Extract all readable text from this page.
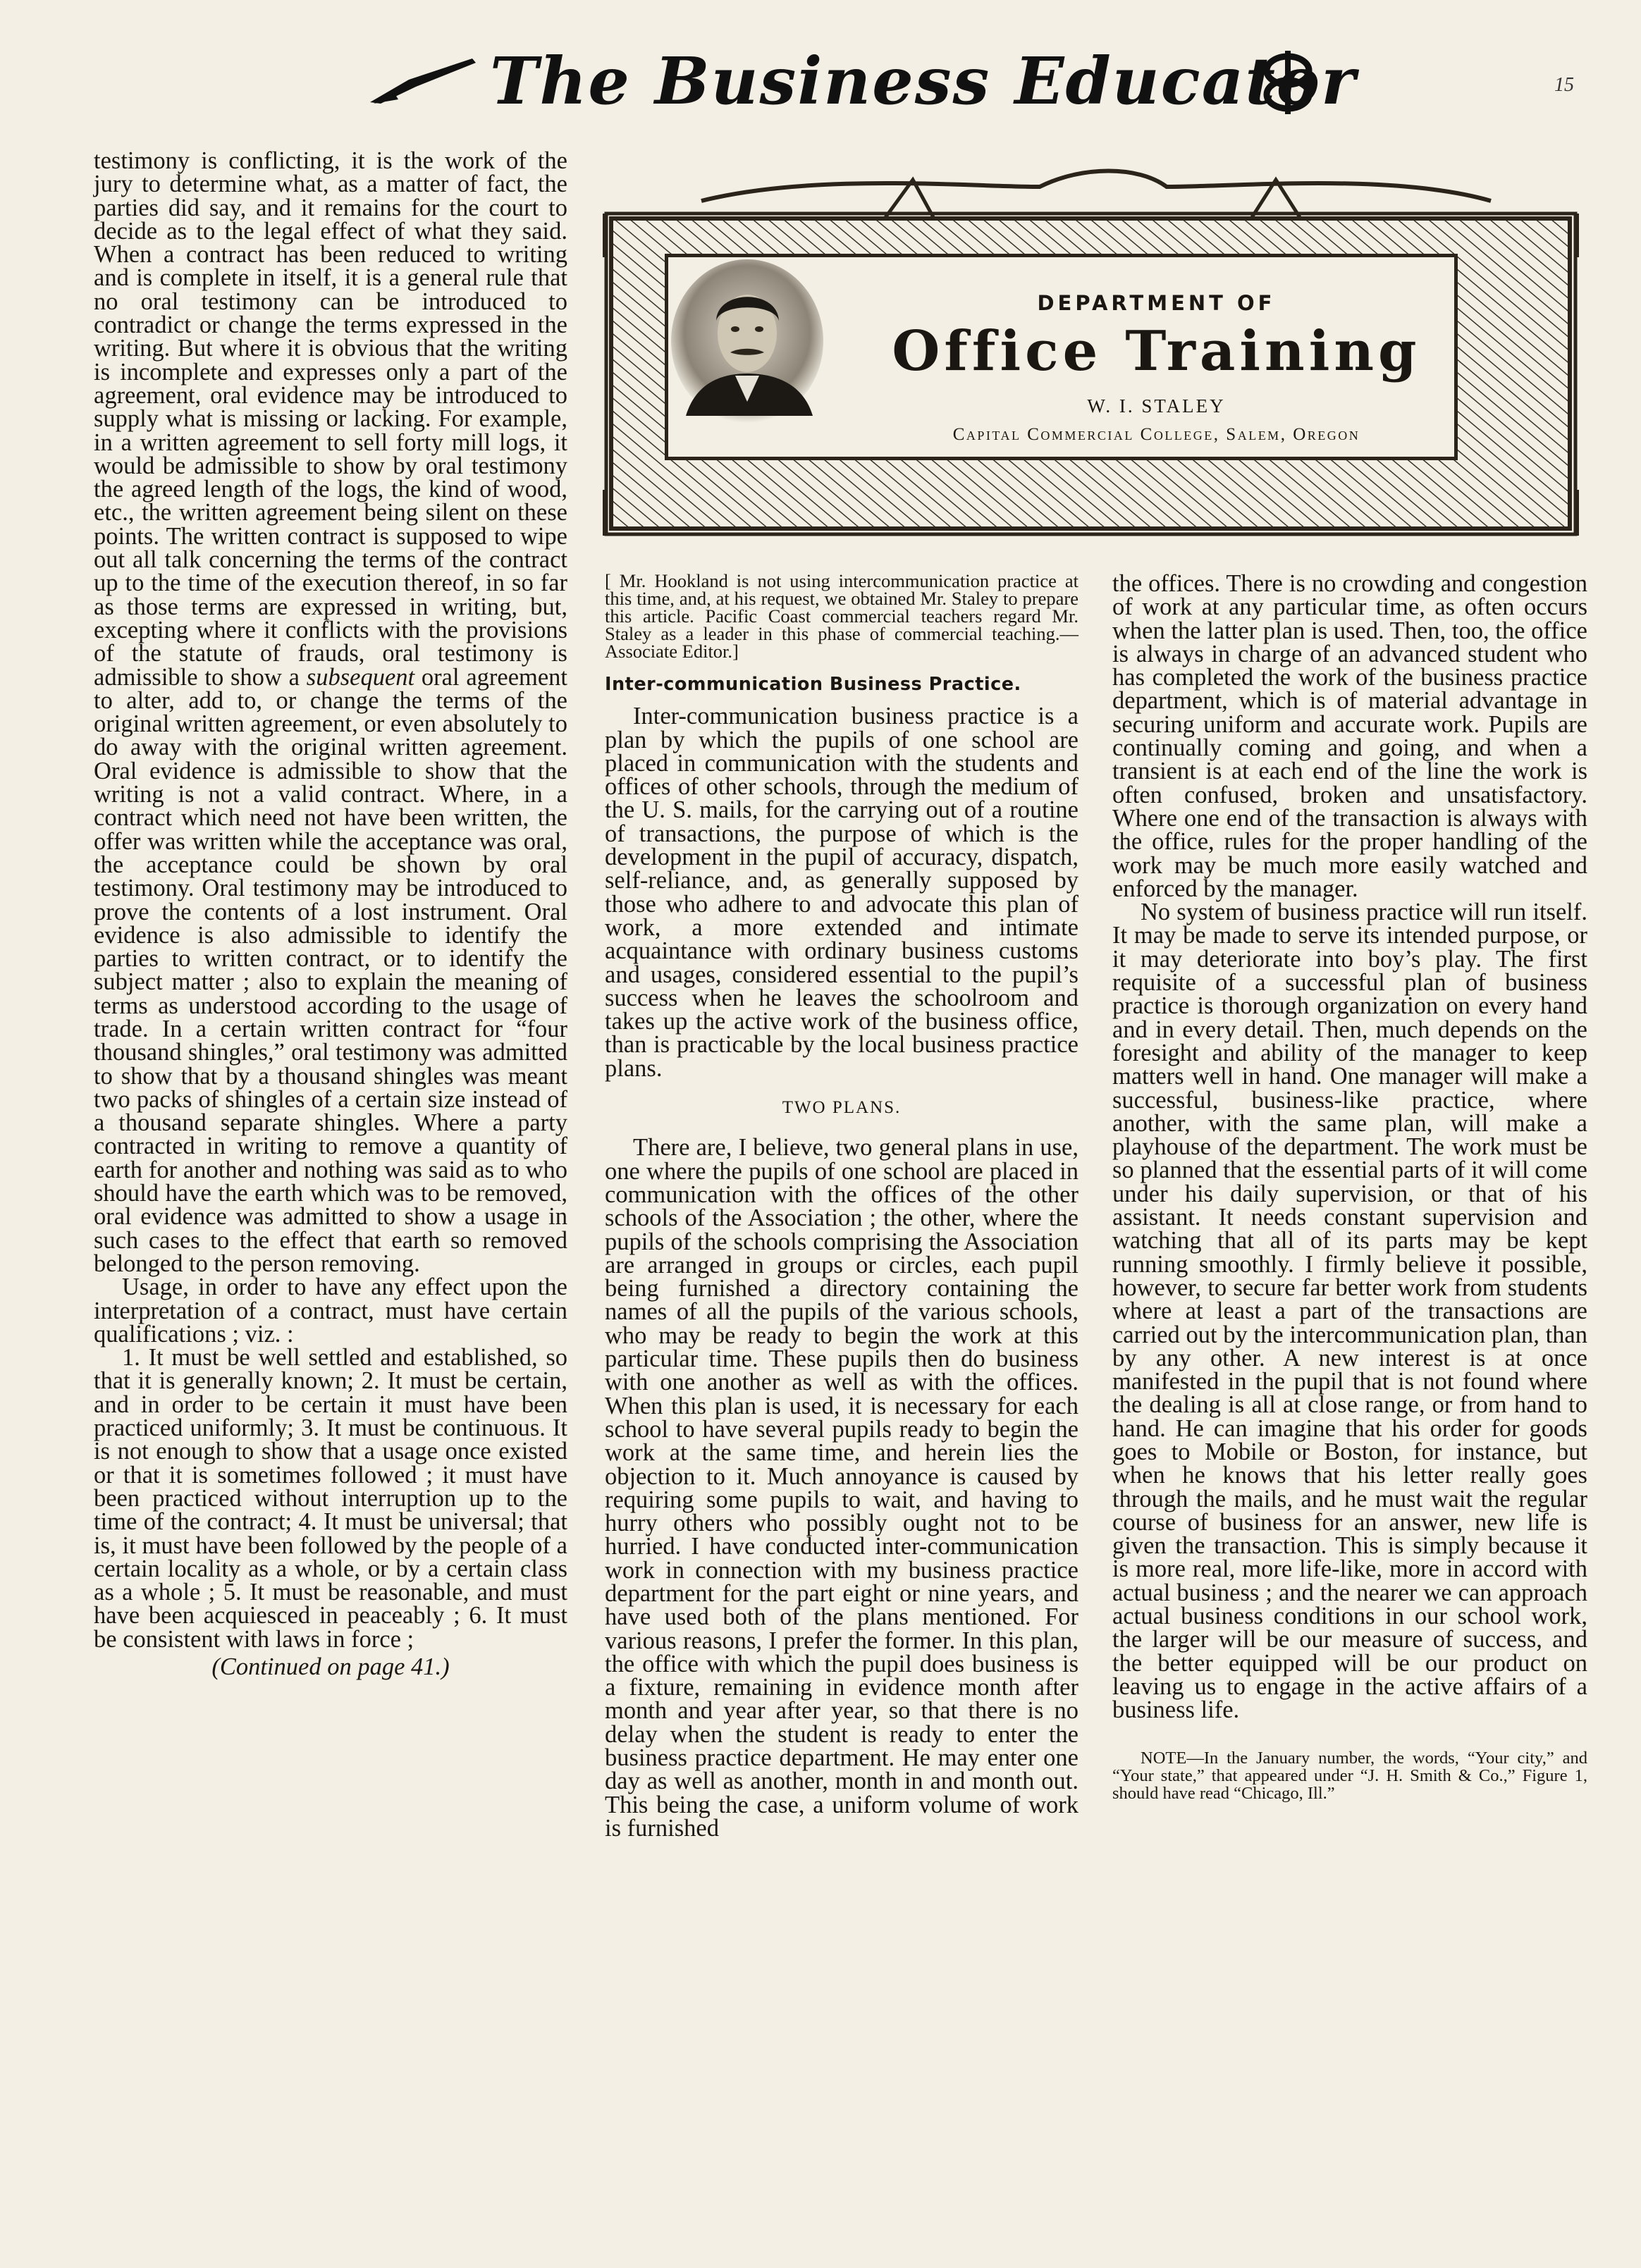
The Business Educator	15

testimony is conflicting, it is the work of the jury to determine what, as a matter of fact, the parties did say, and it remains for the court to decide as to the legal effect of what they said. When a contract has been reduced to writing and is complete in itself, it is a general rule that no oral testimony can be introduced to contradict or change the terms expressed in the writing. But where it is obvious that the writing is incomplete and expresses only a part of the agreement, oral evidence may be introduced to supply what is missing or lacking. For example, in a written agreement to sell forty mill logs, it would be admissible to show by oral testimony the agreed length of the logs, the kind of wood, etc., the written agreement being silent on these points. The written contract is supposed to wipe out all talk concerning the terms of the contract up to the time of the execution thereof, in so far as those terms are expressed in writing, but, excepting where it conflicts with the provisions of the statute of frauds, oral testimony is admissible to show a subsequent oral agreement to alter, add to, or change the terms of the original written agreement, or even absolutely to do away with the original written agreement. Oral evidence is admissible to show that the writing is not a valid contract. Where, in a contract which need not have been written, the offer was written while the acceptance was oral, the acceptance could be shown by oral testimony. Oral testimony may be introduced to prove the contents of a lost instrument. Oral evidence is also admissible to identify the parties to written contract, or to identify the subject matter ; also to explain the meaning of terms as understood according to the usage of trade. In a certain written contract for “four thousand shingles,” oral testimony was admitted to show that by a thousand shingles was meant two packs of shingles of a certain size instead of a thousand separate shingles. Where a party contracted in writing to remove a quantity of earth for another and nothing was said as to who should have the earth which was to be removed, oral evidence was admitted to show a usage in such cases to the effect that earth so removed belonged to the person removing.

Usage, in order to have any effect upon the interpretation of a contract, must have certain qualifications ; viz. :

1. It must be well settled and established, so that it is generally known; 2. It must be certain, and in order to be certain it must have been practiced uniformly; 3. It must be continuous. It is not enough to show that a usage once existed or that it is sometimes followed ; it must have been practiced without interruption up to the time of the contract; 4. It must be universal; that is, it must have been followed by the people of a certain locality as a whole, or by a certain class as a whole ; 5. It must be reasonable, and must have been acquiesced in peaceably ; 6. It must be consistent with laws in force ;

(Continued on page 41.)

DEPARTMENT OF
Office Training
W. I. STALEY
Capital Commercial College, Salem, Oregon

[ Mr. Hookland is not using intercommunication practice at this time, and, at his request, we obtained Mr. Staley to prepare this article. Pacific Coast commercial teachers regard Mr. Staley as a leader in this phase of commercial teaching.—Associate Editor.]

Inter-communication Business Practice.

Inter-communication business practice is a plan by which the pupils of one school are placed in communication with the students and offices of other schools, through the medium of the U. S. mails, for the carrying out of a routine of transactions, the purpose of which is the development in the pupil of accuracy, dispatch, self-reliance, and, as generally supposed by those who adhere to and advocate this plan of work, a more extended and intimate acquaintance with ordinary business customs and usages, considered essential to the pupil’s success when he leaves the schoolroom and takes up the active work of the business office, than is practicable by the local business practice plans.

TWO PLANS.

There are, I believe, two general plans in use, one where the pupils of one school are placed in communication with the offices of the other schools of the Association ; the other, where the pupils of the schools comprising the Association are arranged in groups or circles, each pupil being furnished a directory containing the names of all the pupils of the various schools, who may be ready to begin the work at this particular time. These pupils then do business with one another as well as with the offices. When this plan is used, it is necessary for each school to have several pupils ready to begin the work at the same time, and herein lies the objection to it. Much annoyance is caused by requiring some pupils to wait, and having to hurry others who possibly ought not to be hurried. I have conducted inter-communication work in connection with my business practice department for the part eight or nine years, and have used both of the plans mentioned. For various reasons, I prefer the former. In this plan, the office with which the pupil does business is a fixture, remaining in evidence month after month and year after year, so that there is no delay when the student is ready to enter the business practice department. He may enter one day as well as another, month in and month out. This being the case, a uniform volume of work is furnished

the offices. There is no crowding and congestion of work at any particular time, as often occurs when the latter plan is used. Then, too, the office is always in charge of an advanced student who has completed the work of the business practice department, which is of material advantage in securing uniform and accurate work. Pupils are continually coming and going, and when a transient is at each end of the line the work is often confused, broken and unsatisfactory. Where one end of the transaction is always with the office, rules for the proper handling of the work may be much more easily watched and enforced by the manager.

No system of business practice will run itself. It may be made to serve its intended purpose, or it may deteriorate into boy’s play. The first requisite of a successful plan of business practice is thorough organization on every hand and in every detail. Then, much depends on the foresight and ability of the manager to keep matters well in hand. One manager will make a successful, business-like practice, where another, with the same plan, will make a playhouse of the department. The work must be so planned that the essential parts of it will come under his daily supervision, or that of his assistant. It needs constant supervision and watching that all of its parts may be kept running smoothly. I firmly believe it possible, however, to secure far better work from students where at least a part of the transactions are carried out by the intercommunication plan, than by any other. A new interest is at once manifested in the pupil that is not found where the dealing is all at close range, or from hand to hand. He can imagine that his order for goods goes to Mobile or Boston, for instance, but when he knows that his letter really goes through the mails, and he must wait the regular course of business for an answer, new life is given the transaction. This is simply because it is more real, more life-like, more in accord with actual business ; and the nearer we can approach actual business conditions in our school work, the larger will be our measure of success, and the better equipped will be our product on leaving us to engage in the active affairs of a business life.

NOTE—In the January number, the words, “Your city,” and “Your state,” that appeared under “J. H. Smith & Co.,” Figure 1, should have read “Chicago, Ill.”
